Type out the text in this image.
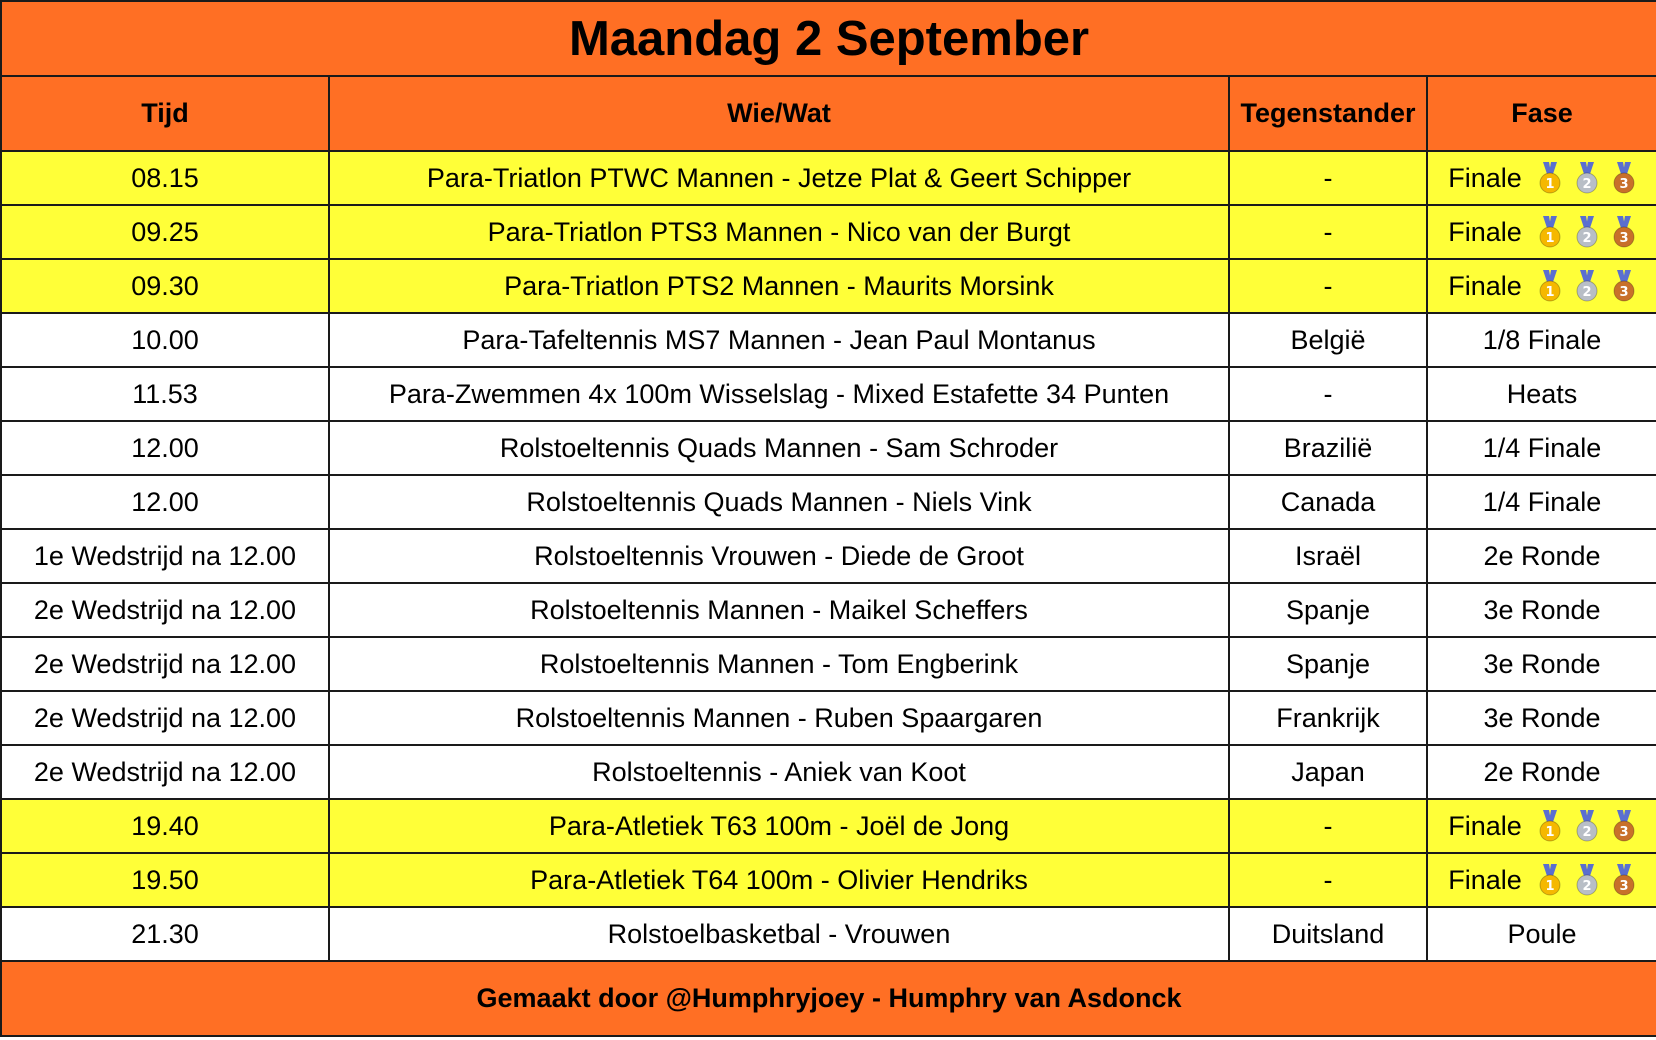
Maandag 2 September			
Tijd	Wie/Wat	Tegenstander	Fase
08.15	Para-Triatlon PTWC Mannen - Jetze Plat & Geert Schipper	-	Finale 1 2 3

09.25	Para-Triatlon PTS3 Mannen - Nico van der Burgt	-	Finale 1 2 3

09.30	Para-Triatlon PTS2 Mannen - Maurits Morsink	-	Finale 1 2 3

10.00	Para-Tafeltennis MS7 Mannen - Jean Paul Montanus	België	1/8 Finale

11.53	Para-Zwemmen 4x 100m Wisselslag - Mixed Estafette 34 Punten	-	Heats

12.00	Rolstoeltennis Quads Mannen - Sam Schroder	Brazilië	1/4 Finale

12.00	Rolstoeltennis Quads Mannen - Niels Vink	Canada	1/4 Finale

1e Wedstrijd na 12.00	Rolstoeltennis Vrouwen - Diede de Groot	Israël	2e Ronde

2e Wedstrijd na 12.00	Rolstoeltennis Mannen - Maikel Scheffers	Spanje	3e Ronde

2e Wedstrijd na 12.00	Rolstoeltennis Mannen - Tom Engberink	Spanje	3e Ronde

2e Wedstrijd na 12.00	Rolstoeltennis Mannen - Ruben Spaargaren	Frankrijk	3e Ronde

2e Wedstrijd na 12.00	Rolstoeltennis - Aniek van Koot	Japan	2e Ronde

19.40	Para-Atletiek T63 100m - Joël de Jong	-	Finale 1 2 3

19.50	Para-Atletiek T64 100m - Olivier Hendriks	-	Finale 1 2 3

21.30	Rolstoelbasketbal - Vrouwen	Duitsland	Poule

Gemaakt door @Humphryjoey - Humphry van Asdonck			
